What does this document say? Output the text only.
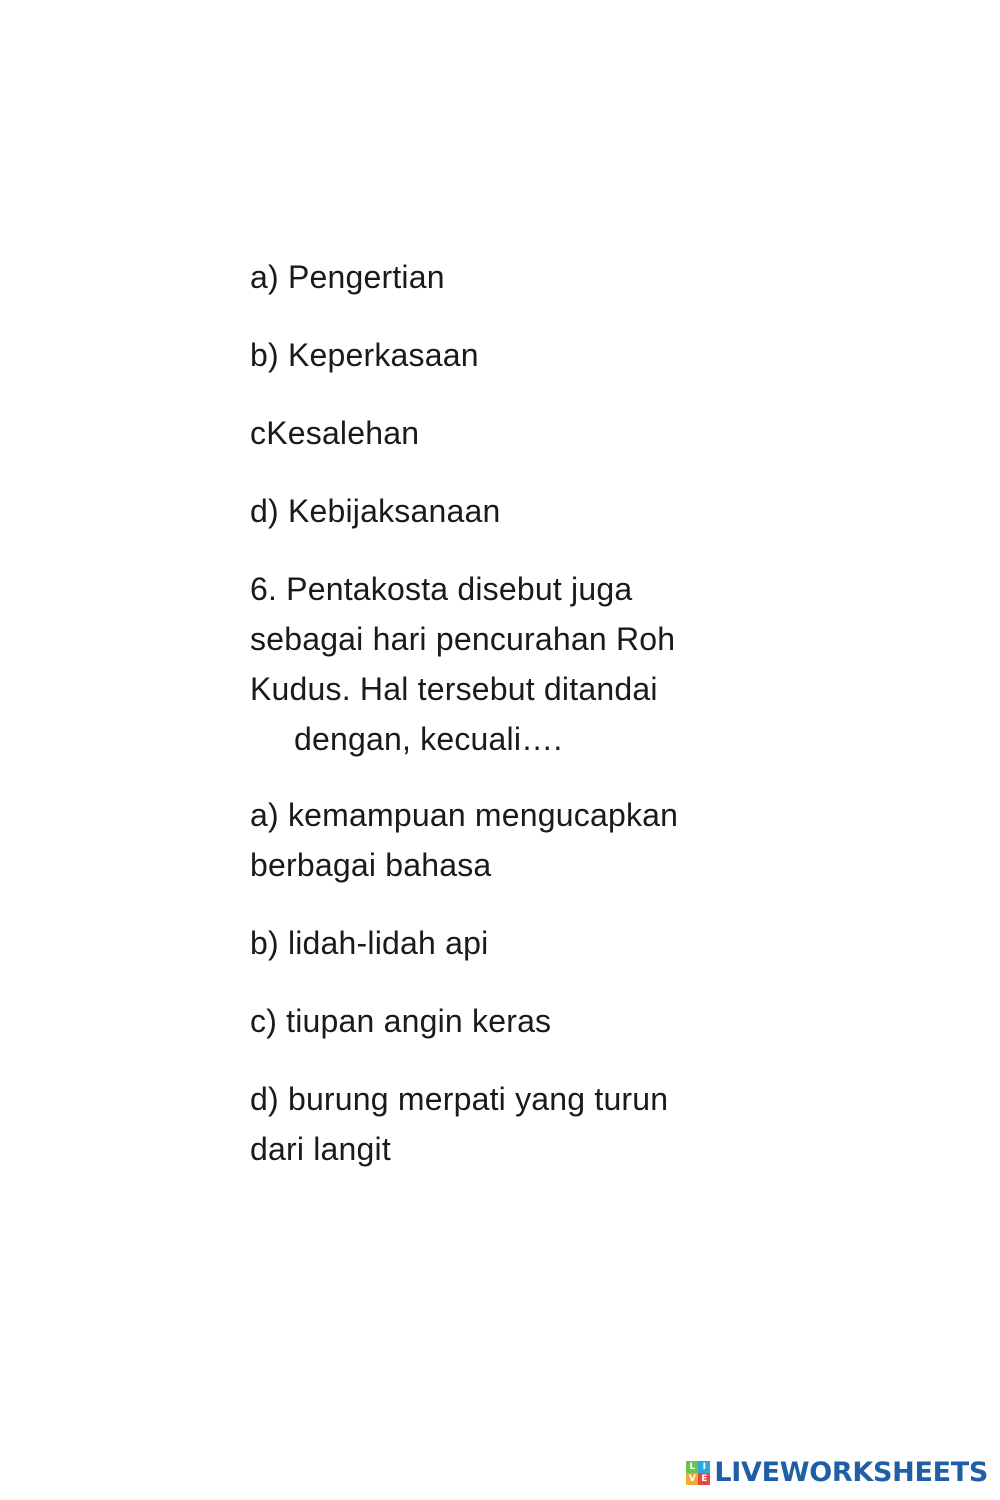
a) Pengertian

b) Keperkasaan

cKesalehan

d) Kebijaksanaan

6. Pentakosta disebut juga

sebagai hari pencurahan Roh

Kudus. Hal tersebut ditandai

dengan, kecuali….

a) kemampuan mengucapkan

berbagai bahasa

b) lidah-lidah api

c) tiupan angin keras

d) burung merpati yang turun

dari langit

L I
V E LIVEWORKSHEETS
